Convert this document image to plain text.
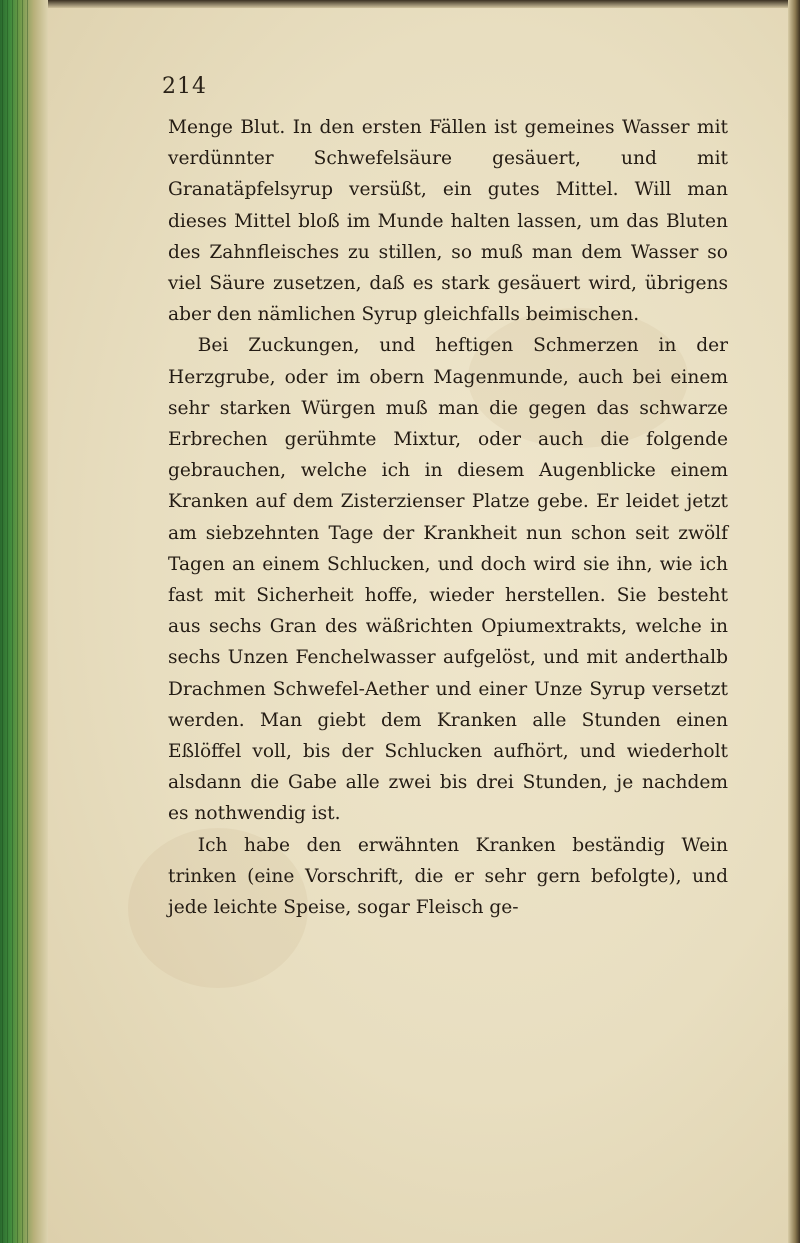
214

Menge Blut. In den ersten Fällen ist gemeines Wasser mit verdünnter Schwefelsäure gesäuert, und mit Granatäpfelsyrup versüßt, ein gutes Mittel. Will man dieses Mittel bloß im Munde halten lassen, um das Bluten des Zahnfleisches zu stillen, so muß man dem Wasser so viel Säure zusetzen, daß es stark gesäuert wird, übrigens aber den nämlichen Syrup gleichfalls beimischen.

Bei Zuckungen, und heftigen Schmerzen in der Herzgrube, oder im obern Magenmunde, auch bei einem sehr starken Würgen muß man die gegen das schwarze Erbrechen gerühmte Mixtur, oder auch die folgende gebrauchen, welche ich in diesem Augenblicke einem Kranken auf dem Zisterzienser Platze gebe. Er leidet jetzt am siebzehnten Tage der Krankheit nun schon seit zwölf Tagen an einem Schlucken, und doch wird sie ihn, wie ich fast mit Sicherheit hoffe, wieder herstellen. Sie besteht aus sechs Gran des wäßrichten Opiumextrakts, welche in sechs Unzen Fenchelwasser aufgelöst, und mit anderthalb Drachmen Schwefel-Aether und einer Unze Syrup versetzt werden. Man giebt dem Kranken alle Stunden einen Eßlöffel voll, bis der Schlucken aufhört, und wiederholt alsdann die Gabe alle zwei bis drei Stunden, je nachdem es nothwendig ist.

Ich habe den erwähnten Kranken beständig Wein trinken (eine Vorschrift, die er sehr gern befolgte), und jede leichte Speise, sogar Fleisch ge-
